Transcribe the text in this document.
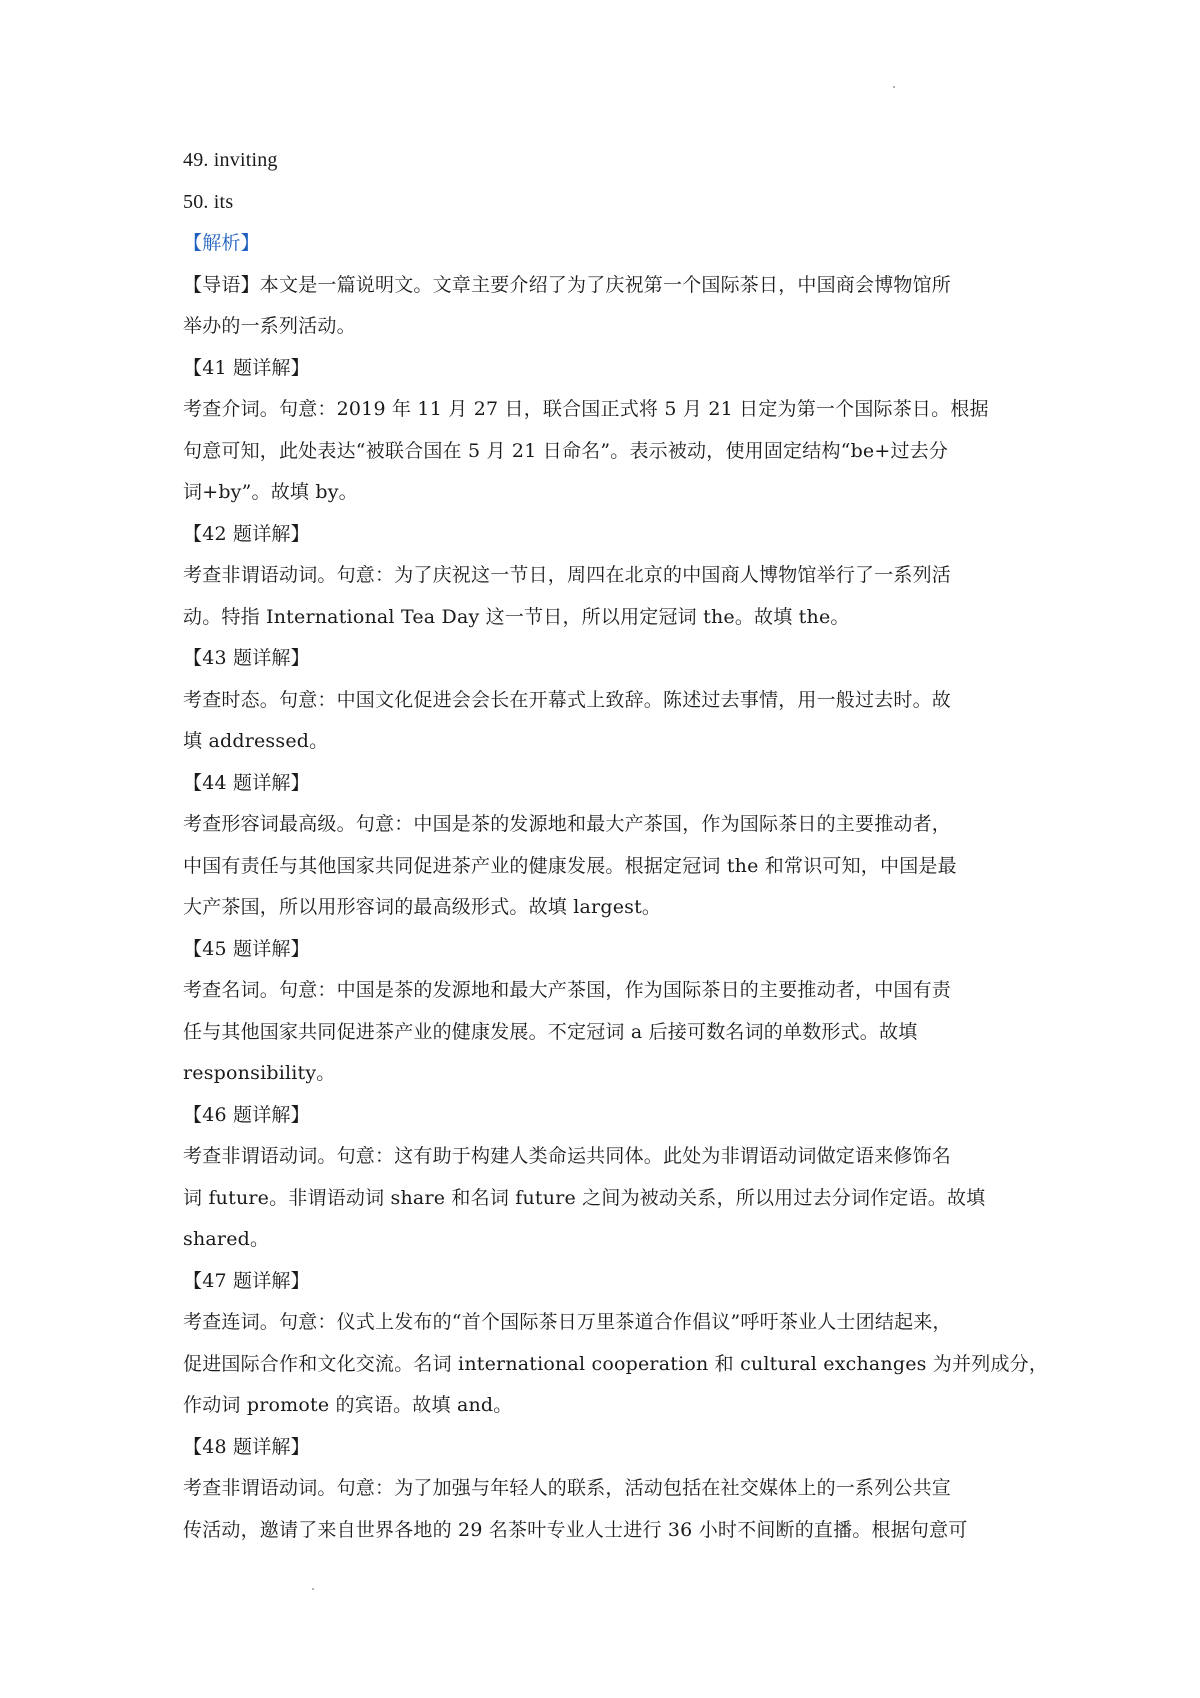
49. inviting
50. its
【解析】
【导语】本文是一篇说明文。文章主要介绍了为了庆祝第一个国际茶日，中国商会博物馆所
举办的一系列活动。
【41 题详解】
考查介词。句意：2019 年 11 月 27 日，联合国正式将 5 月 21 日定为第一个国际茶日。根据
句意可知，此处表达“被联合国在 5 月 21 日命名”。表示被动，使用固定结构“be+过去分
词+by”。故填 by。
【42 题详解】
考查非谓语动词。句意：为了庆祝这一节日，周四在北京的中国商人博物馆举行了一系列活
动。特指 International Tea Day 这一节日，所以用定冠词 the。故填 the。
【43 题详解】
考查时态。句意：中国文化促进会会长在开幕式上致辞。陈述过去事情，用一般过去时。故
填 addressed。
【44 题详解】
考查形容词最高级。句意：中国是茶的发源地和最大产茶国，作为国际茶日的主要推动者，
中国有责任与其他国家共同促进茶产业的健康发展。根据定冠词 the 和常识可知，中国是最
大产茶国，所以用形容词的最高级形式。故填 largest。
【45 题详解】
考查名词。句意：中国是茶的发源地和最大产茶国，作为国际茶日的主要推动者，中国有责
任与其他国家共同促进茶产业的健康发展。不定冠词 a 后接可数名词的单数形式。故填
responsibility。
【46 题详解】
考查非谓语动词。句意：这有助于构建人类命运共同体。此处为非谓语动词做定语来修饰名
词 future。非谓语动词 share 和名词 future 之间为被动关系，所以用过去分词作定语。故填
shared。
【47 题详解】
考查连词。句意：仪式上发布的“首个国际茶日万里茶道合作倡议”呼吁茶业人士团结起来，
促进国际合作和文化交流。名词 international cooperation 和 cultural exchanges 为并列成分，
作动词 promote 的宾语。故填 and。
【48 题详解】
考查非谓语动词。句意：为了加强与年轻人的联系，活动包括在社交媒体上的一系列公共宣
传活动，邀请了来自世界各地的 29 名茶叶专业人士进行 36 小时不间断的直播。根据句意可
